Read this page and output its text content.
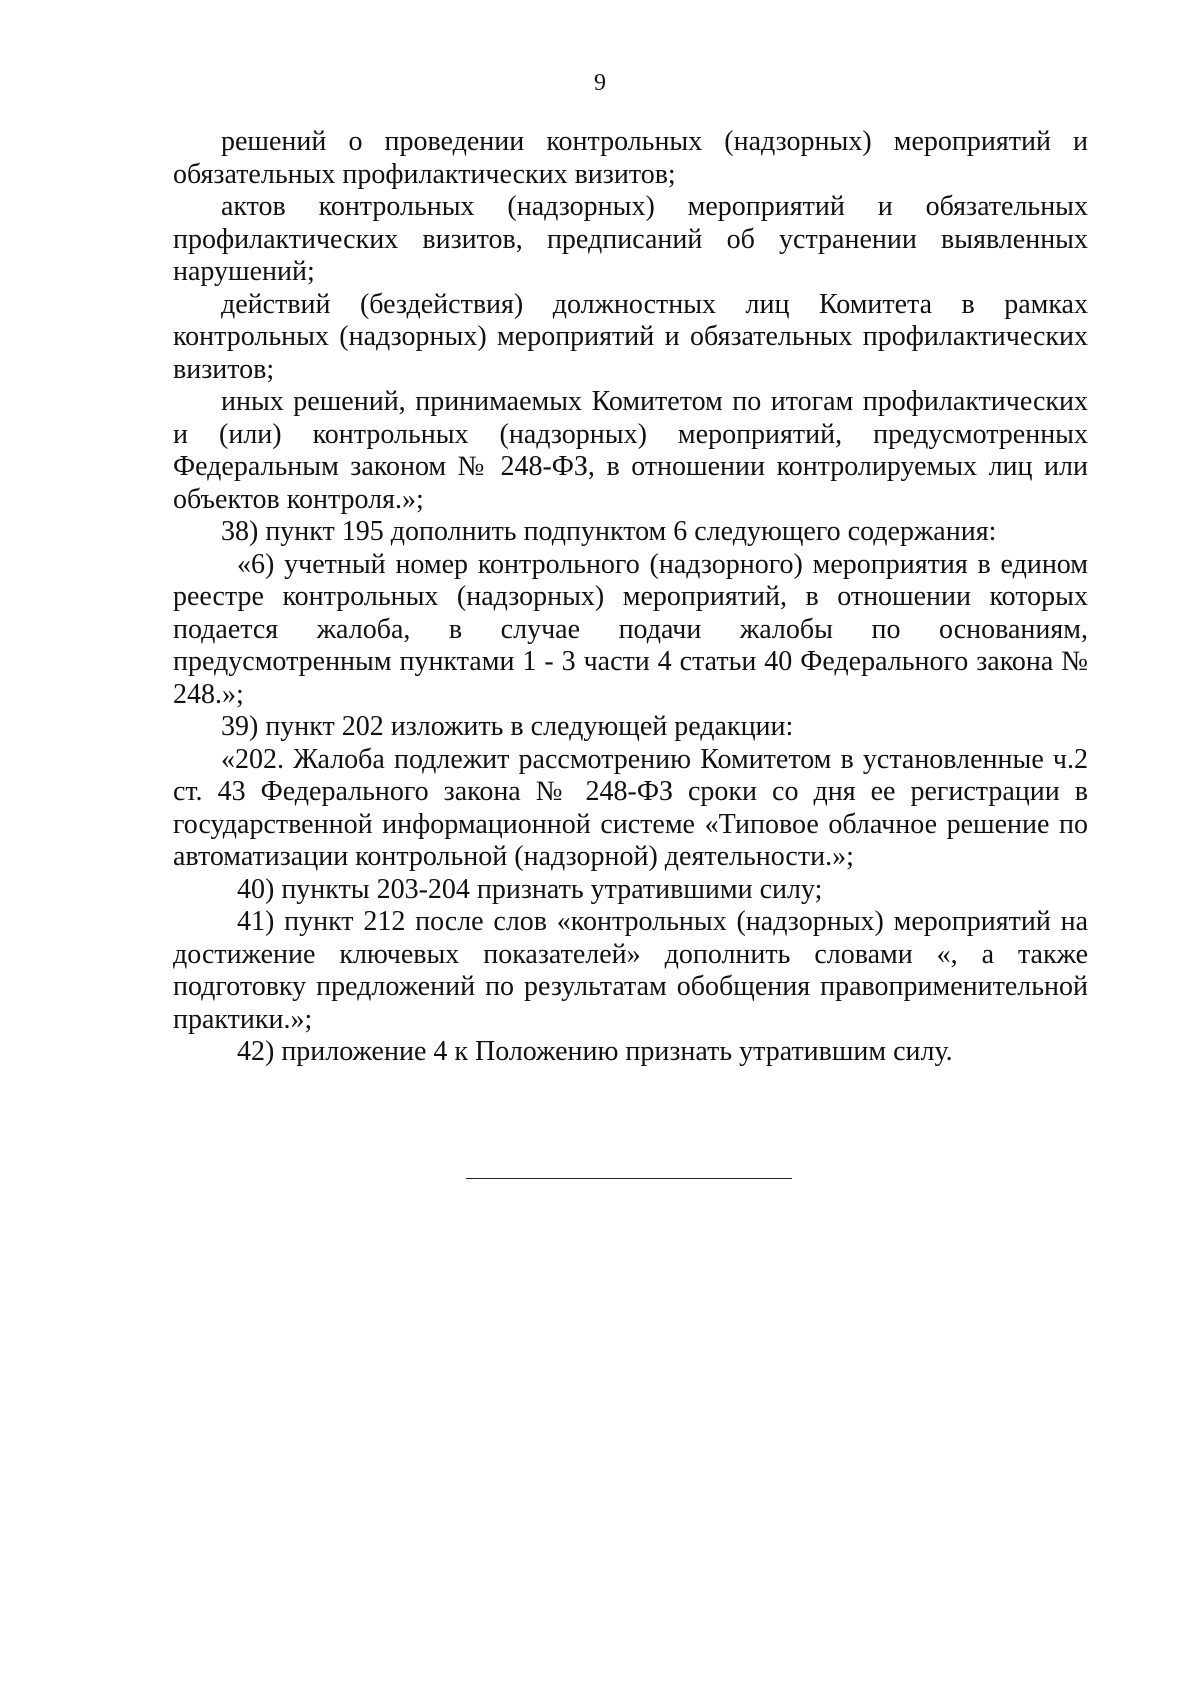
9

решений о проведении контрольных (надзорных) мероприятий и обязательных профилактических визитов;

актов контрольных (надзорных) мероприятий и обязательных профилактических визитов, предписаний об устранении выявленных нарушений;

действий (бездействия) должностных лиц Комитета в рамках контрольных (надзорных) мероприятий и обязательных профилактических визитов;

иных решений, принимаемых Комитетом по итогам профилактических и (или) контрольных (надзорных) мероприятий, предусмотренных Федеральным законом № 248-ФЗ, в отношении контролируемых лиц или объектов контроля.»;

38) пункт 195 дополнить подпунктом 6 следующего содержания:

«6) учетный номер контрольного (надзорного) мероприятия в едином реестре контрольных (надзорных) мероприятий, в отношении которых подается жалоба, в случае подачи жалобы по основаниям, предусмотренным пунктами 1 - 3 части 4 статьи 40 Федерального закона № 248.»;

39) пункт 202 изложить в следующей редакции:

«202. Жалоба подлежит рассмотрению Комитетом в установленные ч.2 ст. 43 Федерального закона № 248-ФЗ сроки со дня ее регистрации в государственной информационной системе «Типовое облачное решение по автоматизации контрольной (надзорной) деятельности.»;

40) пункты 203-204 признать утратившими силу;

41) пункт 212 после слов «контрольных (надзорных) мероприятий на достижение ключевых показателей» дополнить словами «, а также подготовку предложений по результатам обобщения правоприменительной практики.»;

42) приложение 4 к Положению признать утратившим силу.
